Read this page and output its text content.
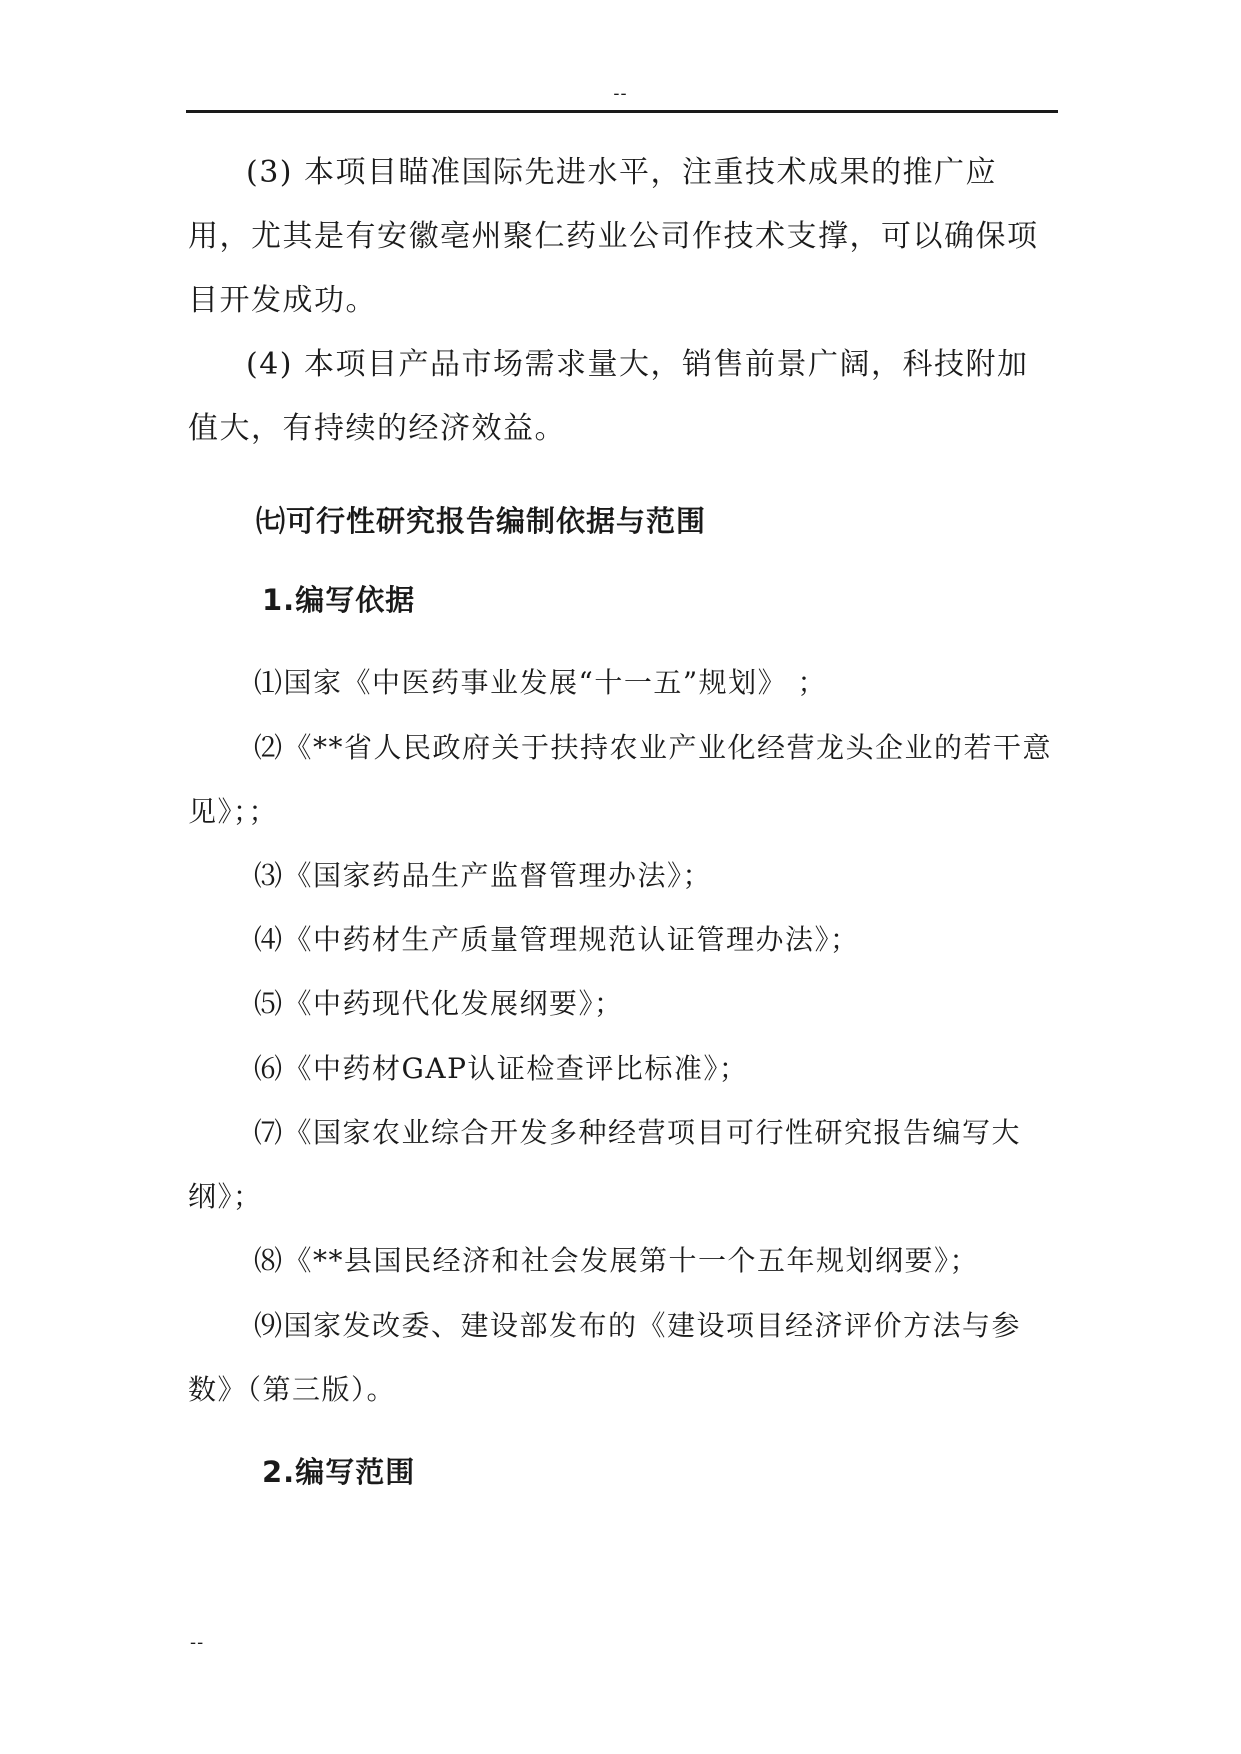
--

(3) 本项目瞄准国际先进水平，注重技术成果的推广应用，尤其是有安徽亳州聚仁药业公司作技术支撑，可以确保项目开发成功。

(4) 本项目产品市场需求量大，销售前景广阔，科技附加值大，有持续的经济效益。

㈦可行性研究报告编制依据与范围
1.编写依据

⑴国家《中医药事业发展“十一五”规划》 ；

⑵《**省人民政府关于扶持农业产业化经营龙头企业的若干意见》；；

⑶《国家药品生产监督管理办法》；

⑷《中药材生产质量管理规范认证管理办法》；

⑸《中药现代化发展纲要》；

⑹《中药材GAP认证检查评比标准》；

⑺《国家农业综合开发多种经营项目可行性研究报告编写大纲》；

⑻《**县国民经济和社会发展第十一个五年规划纲要》；

⑼国家发改委、建设部发布的《建设项目经济评价方法与参数》（第三版）。

2.编写范围
--
